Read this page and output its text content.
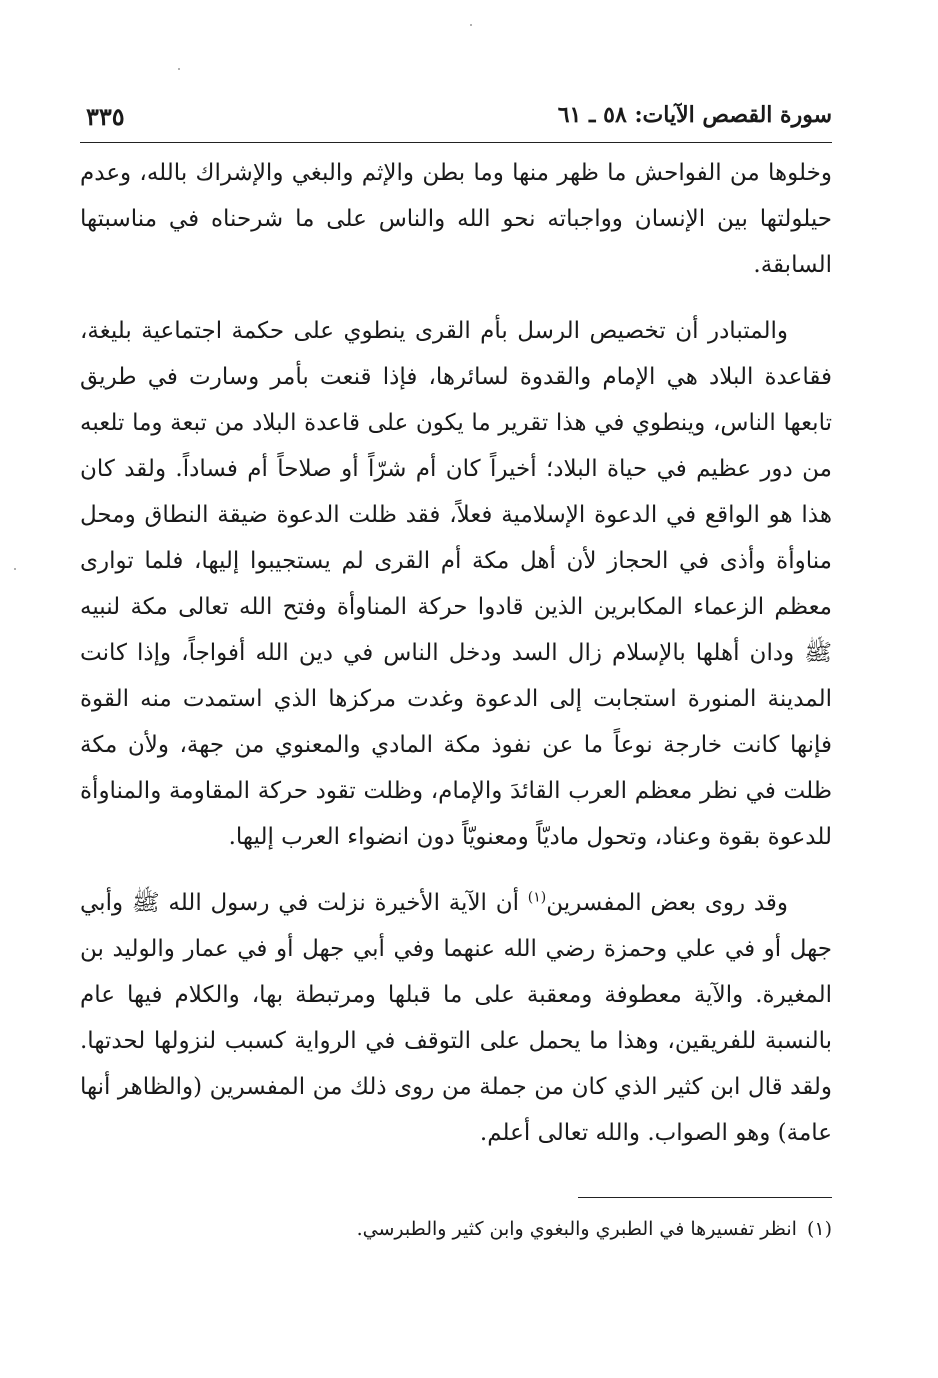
سورة القصص الآيات: ٥٨ ـ ٦١
٣٣٥

وخلوها من الفواحش ما ظهر منها وما بطن والإثم والبغي والإشراك بالله، وعدم حيلولتها بين الإنسان وواجباته نحو الله والناس على ما شرحناه في مناسبتها السابقة.

والمتبادر أن تخصيص الرسل بأم القرى ينطوي على حكمة اجتماعية بليغة، فقاعدة البلاد هي الإمام والقدوة لسائرها، فإذا قنعت بأمر وسارت في طريق تابعها الناس، وينطوي في هذا تقرير ما يكون على قاعدة البلاد من تبعة وما تلعبه من دور عظيم في حياة البلاد؛ أخيراً كان أم شرّاً أو صلاحاً أم فساداً. ولقد كان هذا هو الواقع في الدعوة الإسلامية فعلاً، فقد ظلت الدعوة ضيقة النطاق ومحل مناوأة وأذى في الحجاز لأن أهل مكة أم القرى لم يستجيبوا إليها، فلما توارى معظم الزعماء المكابرين الذين قادوا حركة المناوأة وفتح الله تعالى مكة لنبيه ﷺ ودان أهلها بالإسلام زال السد ودخل الناس في دين الله أفواجاً، وإذا كانت المدينة المنورة استجابت إلى الدعوة وغدت مركزها الذي استمدت منه القوة فإنها كانت خارجة نوعاً ما عن نفوذ مكة المادي والمعنوي من جهة، ولأن مكة ظلت في نظر معظم العرب القائدَ والإمام، وظلت تقود حركة المقاومة والمناوأة للدعوة بقوة وعناد، وتحول ماديّاً ومعنويّاً دون انضواء العرب إليها.

وقد روى بعض المفسرين$^{(١)}$ أن الآية الأخيرة نزلت في رسول الله ﷺ وأبي جهل أو في علي وحمزة رضي الله عنهما وفي أبي جهل أو في عمار والوليد بن المغيرة. والآية معطوفة ومعقبة على ما قبلها ومرتبطة بها، والكلام فيها عام بالنسبة للفريقين، وهذا ما يحمل على التوقف في الرواية كسبب لنزولها لحدتها. ولقد قال ابن كثير الذي كان من جملة من روى ذلك من المفسرين (والظاهر أنها عامة) وهو الصواب. والله تعالى أعلم.

(١)انظر تفسيرها في الطبري والبغوي وابن كثير والطبرسي.
